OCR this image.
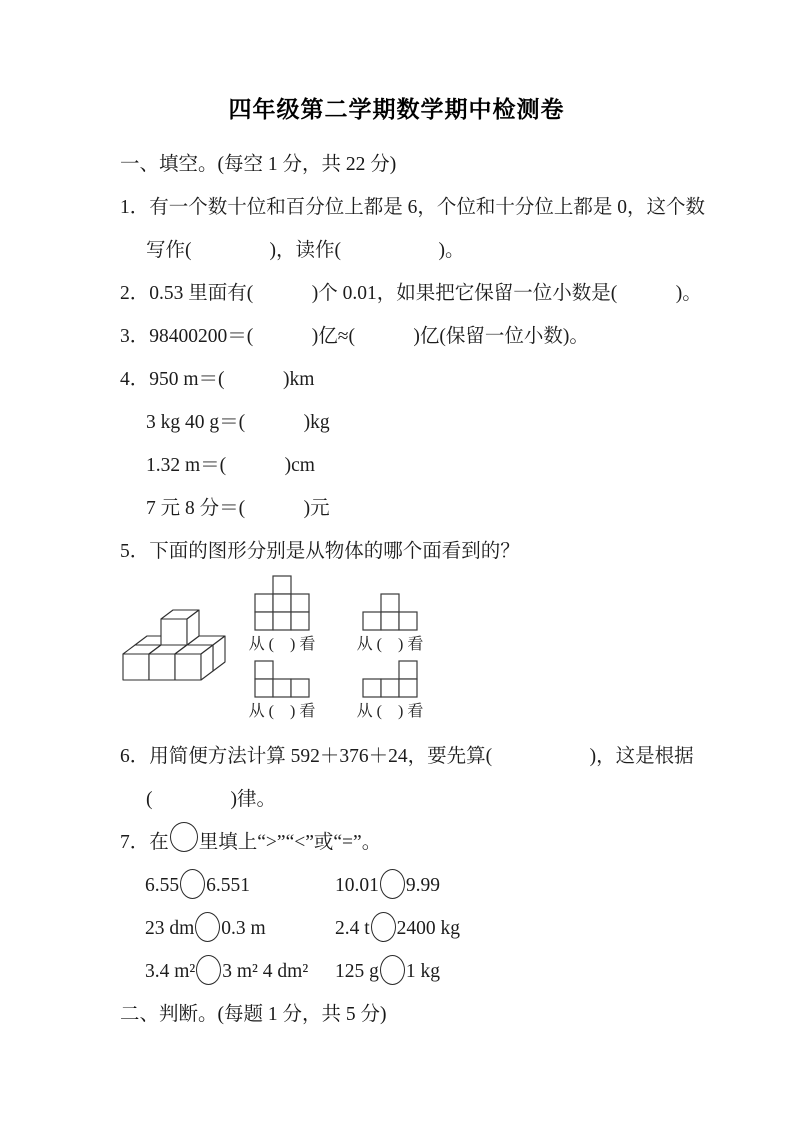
四年级第二学期数学期中检测卷
一、填空。(每空 1 分，共 22 分)
1．有一个数十位和百分位上都是 6，个位和十分位上都是 0，这个数
写作(　　　　)，读作(　　　　　)。
2．0.53 里面有(　　　)个 0.01，如果把它保留一位小数是(　　　)。
3．98400200＝(　　　)亿≈(　　　)亿(保留一位小数)。
4．950 m＝(　　　)km
3 kg 40 g＝(　　　)kg
1.32 m＝(　　　)cm
7 元 8 分＝(　　　)元
5．下面的图形分别是从物体的哪个面看到的？
从 (　) 看	从 (　) 看
从 (　) 看	从 (　) 看
6．用简便方法计算 592＋376＋24，要先算(　　　　　)，这是根据
(　　　　)律。
7．在 里填上“>”“<”或“=”。
6.55 6.551	10.01 9.99
23 dm 0.3 m	2.4 t 2400 kg
3.4 m² 3 m² 4 dm²	125 g 1 kg
二、判断。(每题 1 分，共 5 分)
